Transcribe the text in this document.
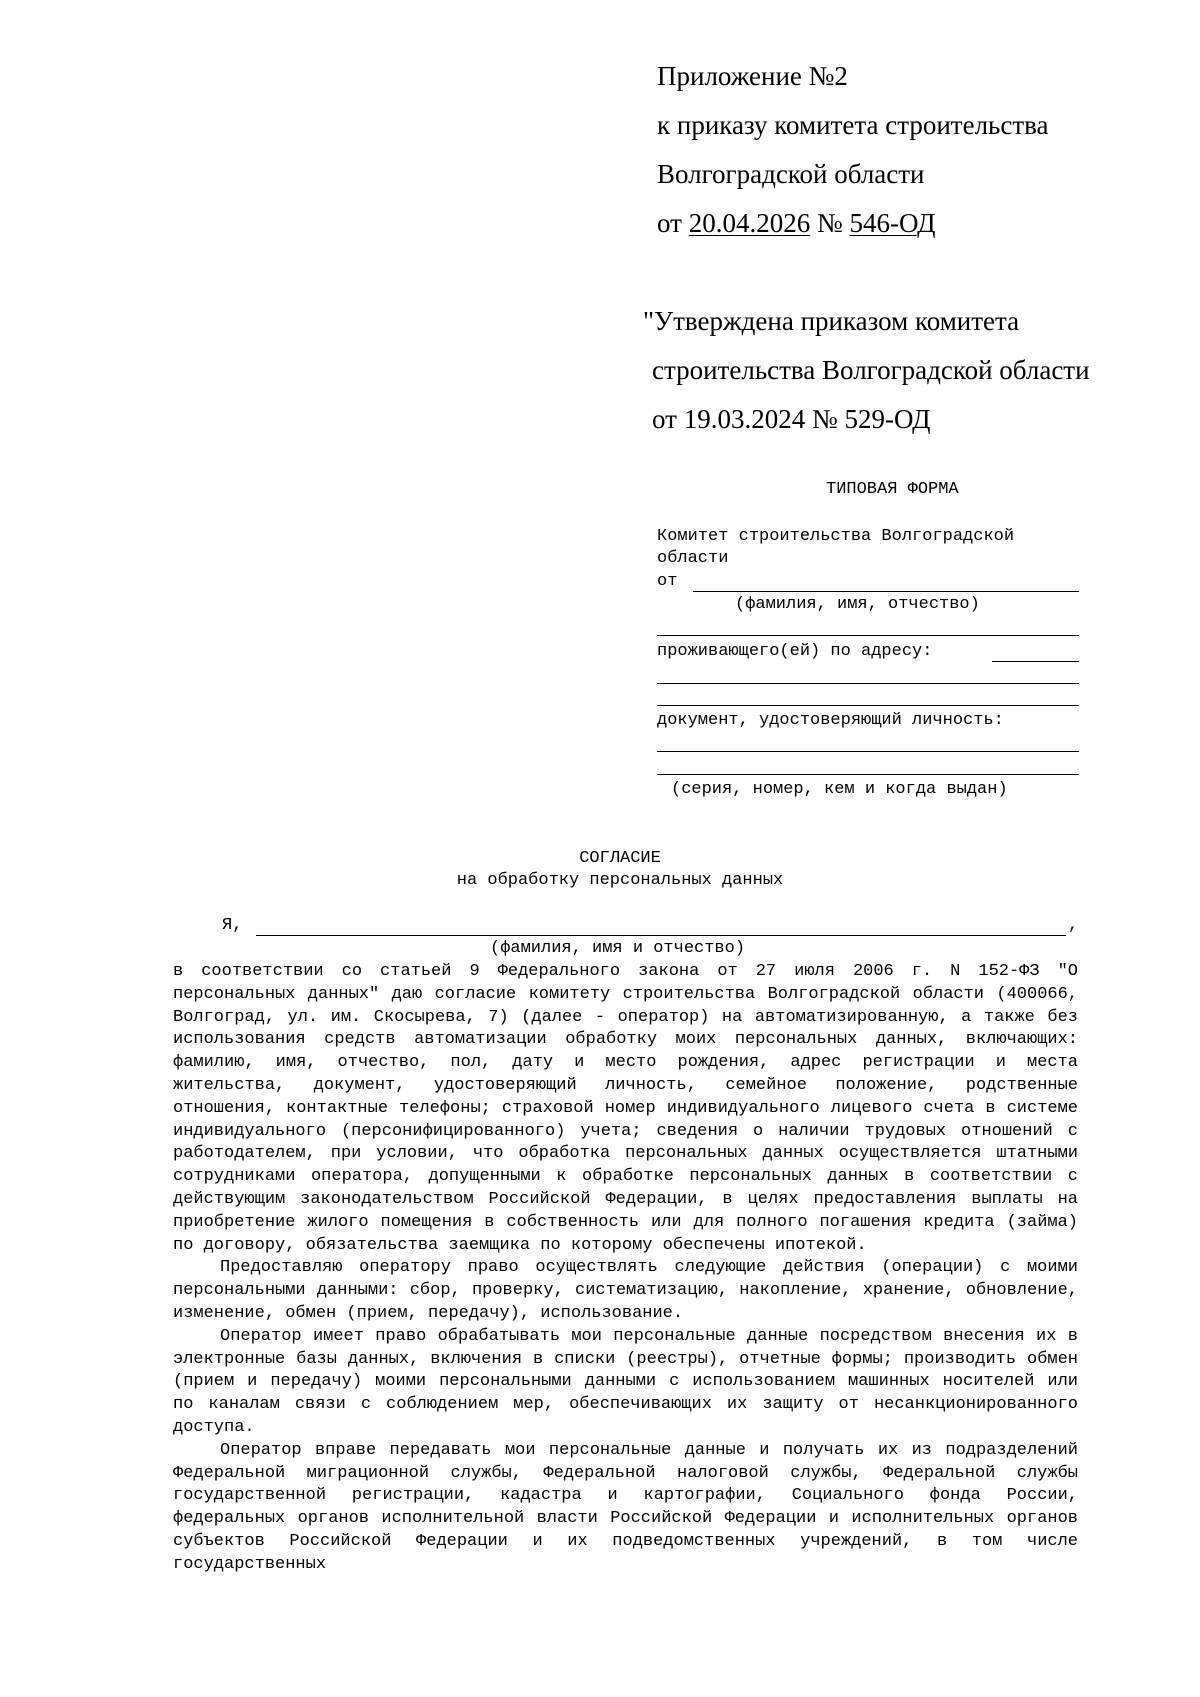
Приложение №2
к приказу комитета строительства
Волгоградской области
от 20.04.2026 № 546-ОД
"Утверждена приказом комитета
строительства Волгоградской области
от 19.03.2024 № 529-ОД
ТИПОВАЯ ФОРМА
Комитет строительства Волгоградской
области
от
(фамилия, имя, отчество)
проживающего(ей) по адресу:
документ, удостоверяющий личность:
(серия, номер, кем и когда выдан)
СОГЛАСИЕ
на обработку персональных данных
Я,	,
(фамилия, имя и отчество)

в соответствии со статьей 9 Федерального закона от 27 июля 2006 г. N 152-ФЗ "О персональных данных" даю согласие комитету строительства Волгоградской области (400066, Волгоград, ул. им. Скосырева, 7) (далее - оператор) на автоматизированную, а также без использования средств автоматизации обработку моих персональных данных, включающих: фамилию, имя, отчество, пол, дату и место рождения, адрес регистрации и места жительства, документ, удостоверяющий личность, семейное положение, родственные отношения, контактные телефоны; страховой номер индивидуального лицевого счета в системе индивидуального (персонифицированного) учета; сведения о наличии трудовых отношений с работодателем, при условии, что обработка персональных данных осуществляется штатными сотрудниками оператора, допущенными к обработке персональных данных в соответствии с действующим законодательством Российской Федерации, в целях предоставления выплаты на приобретение жилого помещения в собственность или для полного погашения кредита (займа) по договору, обязательства заемщика по которому обеспечены ипотекой.

Предоставляю оператору право осуществлять следующие действия (операции) с моими персональными данными: сбор, проверку, систематизацию, накопление, хранение, обновление, изменение, обмен (прием, передачу), использование.

Оператор имеет право обрабатывать мои персональные данные посредством внесения их в электронные базы данных, включения в списки (реестры), отчетные формы; производить обмен (прием и передачу) моими персональными данными с использованием машинных носителей или по каналам связи с соблюдением мер, обеспечивающих их защиту от несанкционированного доступа.

Оператор вправе передавать мои персональные данные и получать их из подразделений Федеральной миграционной службы, Федеральной налоговой службы, Федеральной службы государственной регистрации, кадастра и картографии, Социального фонда России, федеральных органов исполнительной власти Российской Федерации и исполнительных органов субъектов Российской Федерации и их подведомственных учреждений, в том числе государственных
